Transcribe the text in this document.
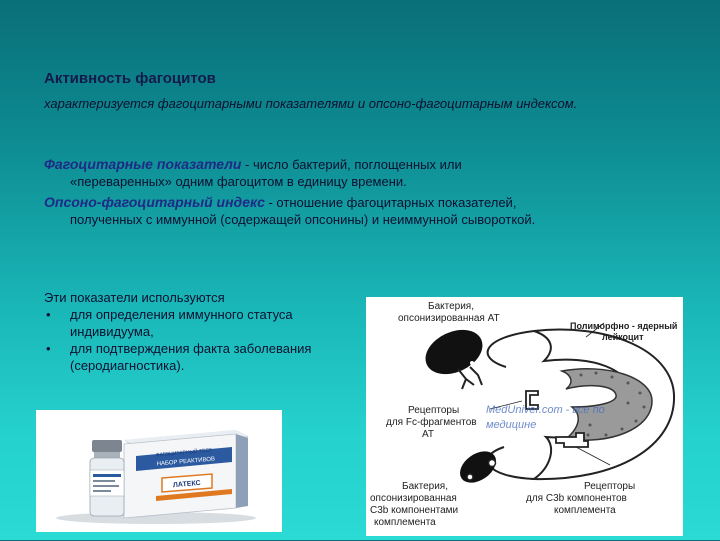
Активность фагоцитов

характеризуется фагоцитарными показателями и опсоно-фагоцитарным индексом.

Фагоцитарные показатели - число бактерий, поглощенных или
«переваренных» одним фагоцитом в единицу времени.

Опсоно-фагоцитарный индекс - отношение фагоцитарных показателей,
полученных с иммунной (содержащей опсонины) и неиммунной сывороткой.

Эти показатели используются
• для определения иммунного статуса индивидуума,
• для подтверждения факта заболевания (серодиагностика).
ФАГОЦИТАРНЫЙ ТЕСТ
НАБОР РЕАКТИВОВ
ЛАТЕКС
Бактерия,
опсонизированная АТ
Полиморфно - ядерный
лейкоцит
Рецепторы
для Fc-фрагментов
АТ
Бактерия,
опсонизированная
С3b компонентами
комплемента
Рецепторы
для С3b компонентов
комплемента
MedUniver.com - все по
медицине
